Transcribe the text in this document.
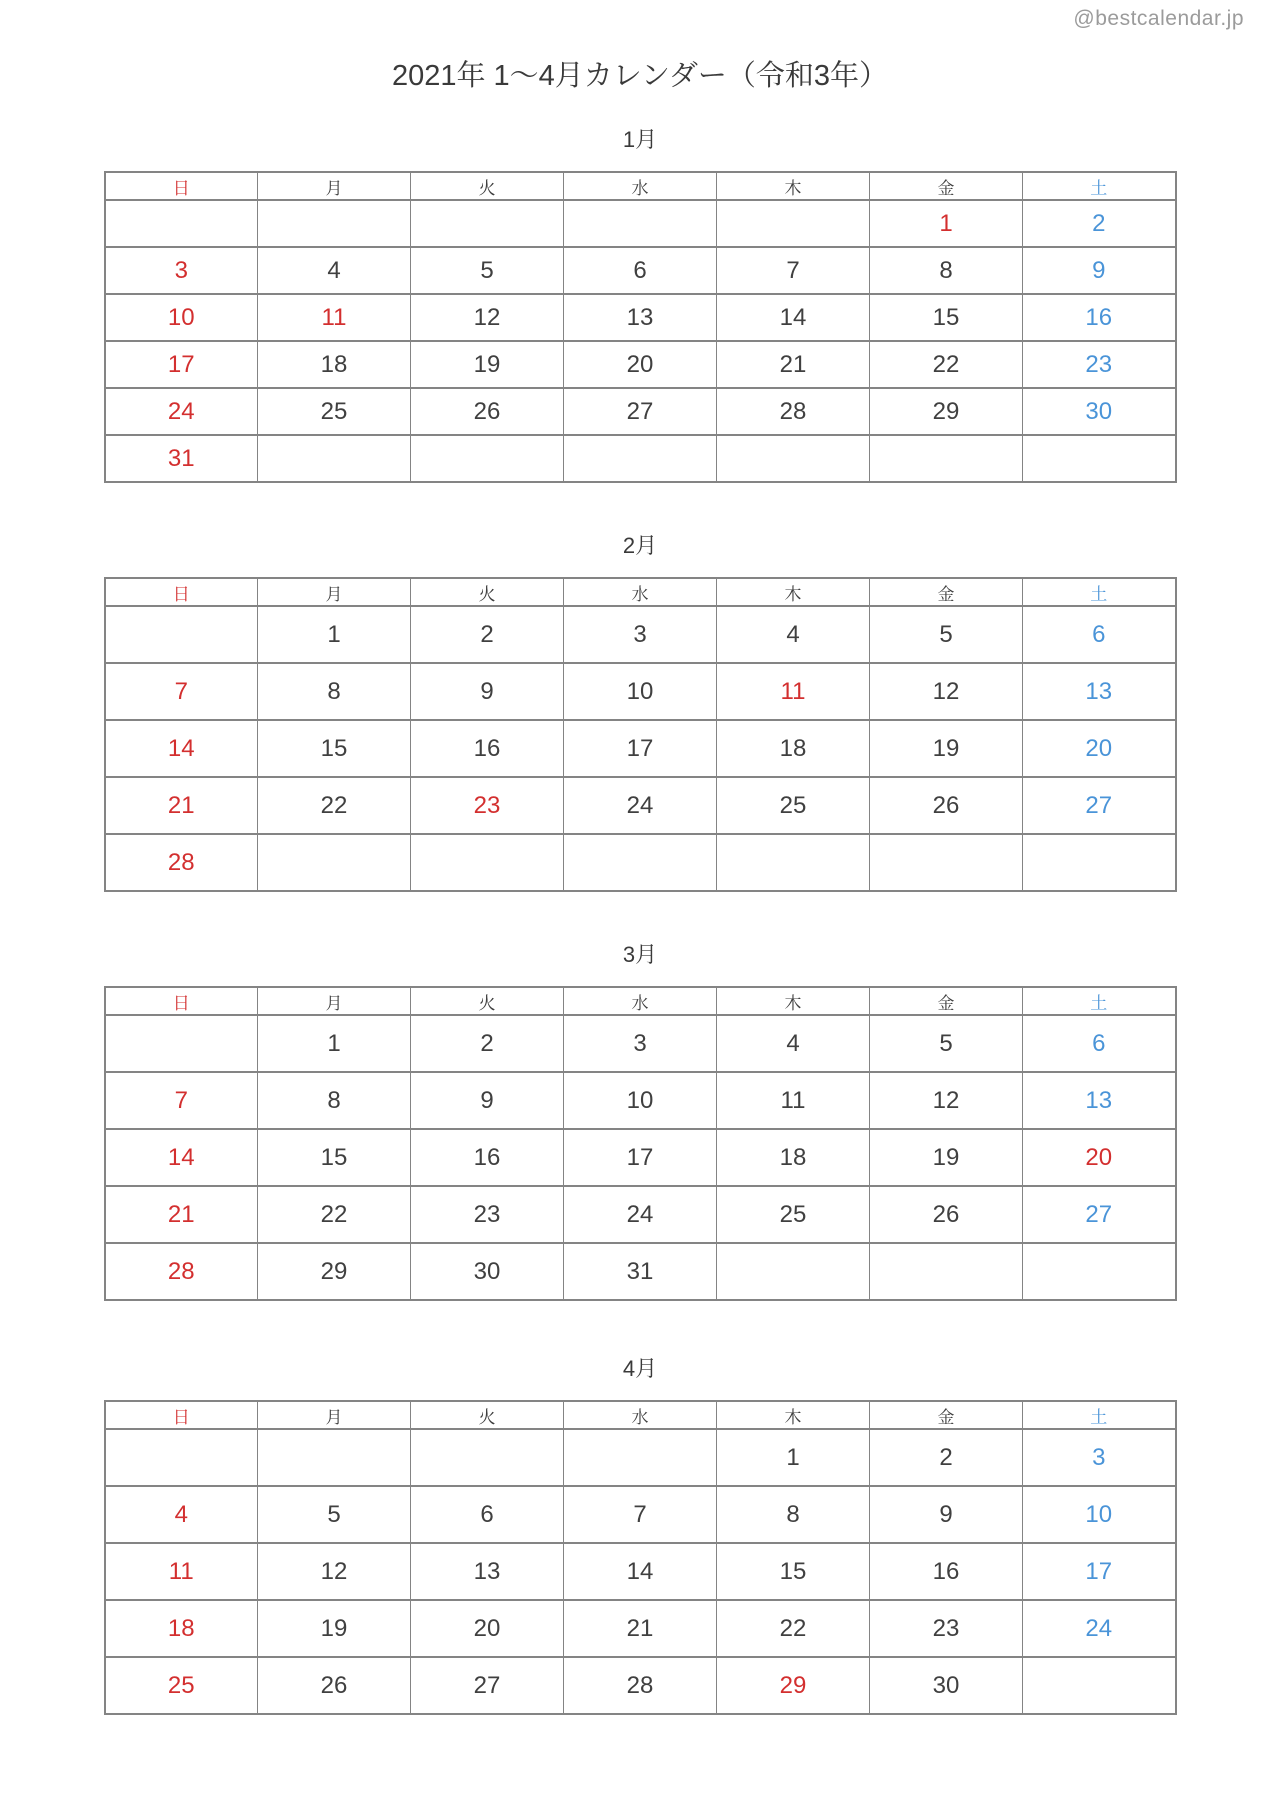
@bestcalendar.jp
2021年 1〜4月カレンダー（令和3年）
1月
日	月	火	水	木	金	土
					1	2
3	4	5	6	7	8	9
10	11	12	13	14	15	16
17	18	19	20	21	22	23
24	25	26	27	28	29	30
31						
2月
日	月	火	水	木	金	土
	1	2	3	4	5	6
7	8	9	10	11	12	13
14	15	16	17	18	19	20
21	22	23	24	25	26	27
28						
3月
日	月	火	水	木	金	土
	1	2	3	4	5	6
7	8	9	10	11	12	13
14	15	16	17	18	19	20
21	22	23	24	25	26	27
28	29	30	31			
4月
日	月	火	水	木	金	土
				1	2	3
4	5	6	7	8	9	10
11	12	13	14	15	16	17
18	19	20	21	22	23	24
25	26	27	28	29	30	
